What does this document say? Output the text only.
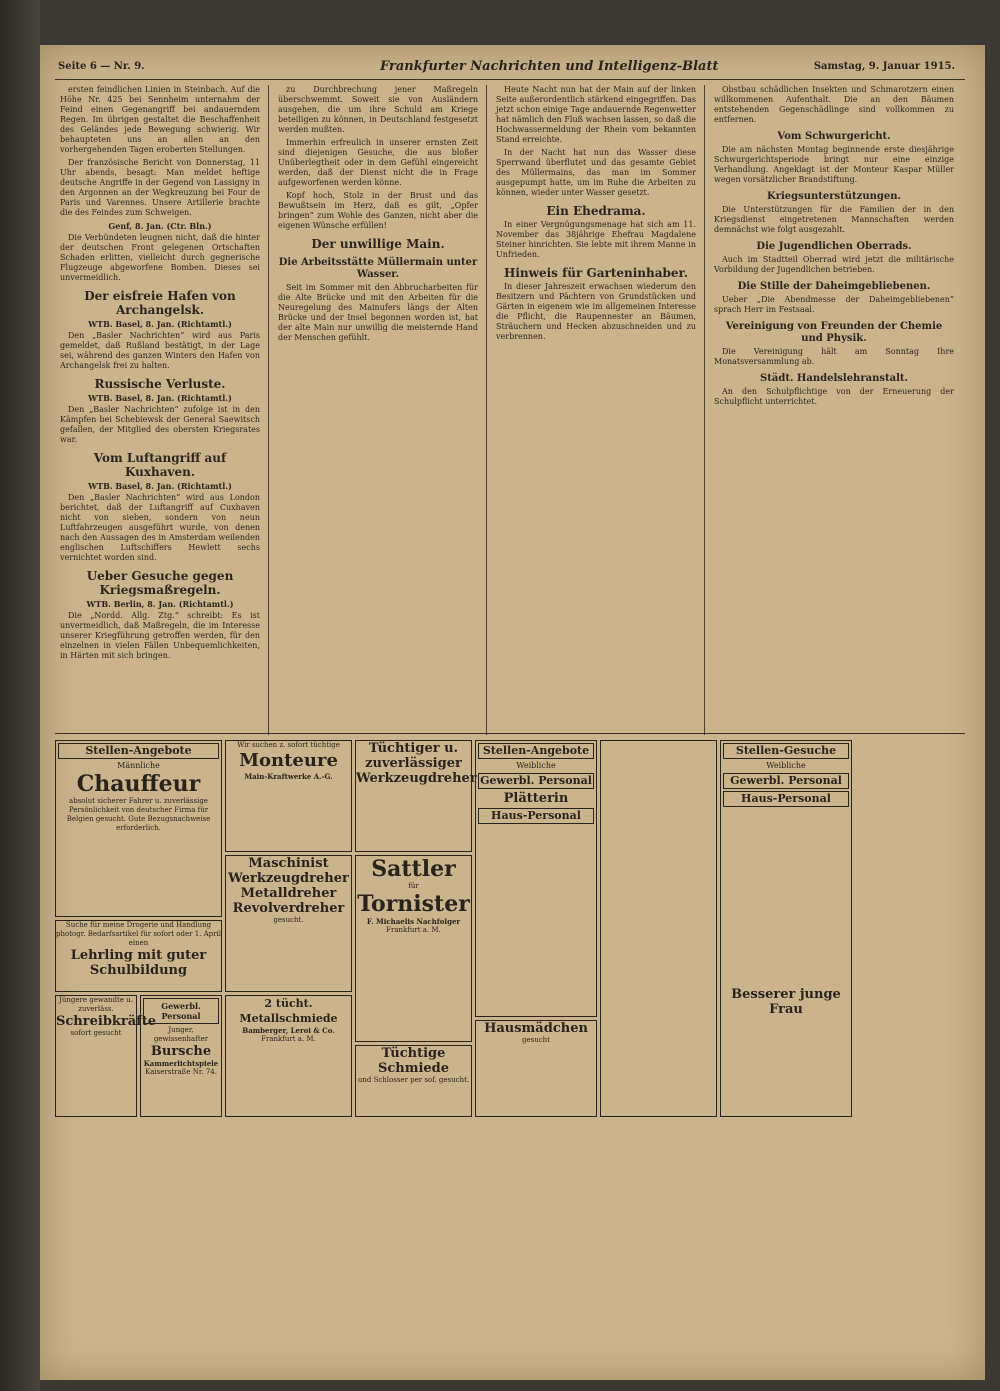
Seite 6 — Nr. 9.	Frankfurter Nachrichten und Intelligenz-Blatt	Samstag, 9. Januar 1915.

ersten feindlichen Linien in Steinbach. Auf die Höhe Nr. 425 bei Sennheim unternahm der Feind einen Gegenangriff bei andauerndem Regen. Im übrigen gestaltet die Beschaffenheit des Geländes jede Bewegung schwierig. Wir behaupteten uns an allen an den vorhergehenden Tagen eroberten Stellungen.

Der französische Bericht von Donnerstag, 11 Uhr abends, besagt: Man meldet heftige deutsche Angriffe in der Gegend von Lassigny in den Argonnen an der Wegkreuzung bei Four de Paris und Varennes. Unsere Artillerie brachte die des Feindes zum Schweigen.

Genf, 8. Jan. (Ctr. Bln.)

Die Verbündeten leugnen nicht, daß die hinter der deutschen Front gelegenen Ortschaften Schaden erlitten, vielleicht durch gegnerische Flugzeuge abgeworfene Bomben. Dieses sei unvermeidlich.

Der eisfreie Hafen von Archangelsk.
WTB. Basel, 8. Jan. (Richtamtl.)

Den „Basler Nachrichten“ wird aus Paris gemeldet, daß Rußland bestätigt, in der Lage sei, während des ganzen Winters den Hafen von Archangelsk frei zu halten.

Russische Verluste.
WTB. Basel, 8. Jan. (Richtamtl.)

Den „Basler Nachrichten“ zufolge ist in den Kämpfen bei Schebiewsk der General Saewitsch gefallen, der Mitglied des obersten Kriegsrates war.

Vom Luftangriff auf Kuxhaven.
WTB. Basel, 8. Jan. (Richtamtl.)

Den „Basler Nachrichten“ wird aus London berichtet, daß der Luftangriff auf Cuxhaven nicht von sieben, sondern von neun Luftfahrzeugen ausgeführt wurde, von denen nach den Aussagen des in Amsterdam weilenden englischen Luftschiffers Hewlett sechs vernichtet worden sind.

Ueber Gesuche gegen Kriegsmaßregeln.
WTB. Berlin, 8. Jan. (Richtamtl.)

Die „Nordd. Allg. Ztg.“ schreibt: Es ist unvermeidlich, daß Maßregeln, die im Interesse unserer Kriegführung getroffen werden, für den einzelnen in vielen Fällen Unbequemlichkeiten, in Härten mit sich bringen.

zu Durchbrechung jener Maßregeln überschwemmt. Soweit sie von Ausländern ausgehen, die um ihre Schuld am Kriege beteiligen zu können, in Deutschland festgesetzt werden mußten.

Immerhin erfreulich in unserer ernsten Zeit sind diejenigen Gesuche, die aus bloßer Unüberlegtheit oder in dem Gefühl eingereicht werden, daß der Dienst nicht die in Frage aufgeworfenen werden könne.

Kopf hoch, Stolz in der Brust und das Bewußtsein im Herz, daß es gilt, „Opfer bringen“ zum Wohle des Ganzen, nicht aber die eigenen Wünsche erfüllen!

Der unwillige Main.
Die Arbeitsstätte Müllermain unter Wasser.

Seit im Sommer mit den Abbrucharbeiten für die Alte Brücke und mit den Arbeiten für die Neuregelung des Mainufers längs der Alten Brücke und der Insel begonnen worden ist, hat der alte Main nur unwillig die meisternde Hand der Menschen gefühlt.

Heute Nacht nun hat der Main auf der linken Seite außerordentlich stärkend eingegriffen. Das jetzt schon einige Tage andauernde Regenwetter hat nämlich den Fluß wachsen lassen, so daß die Hochwassermeldung der Rhein vom bekannten Stand erreichte.

In der Nacht hat nun das Wasser diese Sperrwand überflutet und das gesamte Gebiet des Müllermains, das man im Sommer ausgepumpt hatte, um im Ruhe die Arbeiten zu können, wieder unter Wasser gesetzt.

Ein Ehedrama.

In einer Vergnügungsmenage hat sich am 11. November das 38jährige Ehefrau Magdalene Steiner hinrichten. Sie lebte mit ihrem Manne in Unfrieden.

Hinweis für Garteninhaber.

In dieser Jahreszeit erwachsen wiederum den Besitzern und Pächtern von Grundstücken und Gärten in eigenem wie im allgemeinen Interesse die Pflicht, die Raupennester an Bäumen, Sträuchern und Hecken abzuschneiden und zu verbrennen.

Obstbau schädlichen Insekten und Schmarotzern einen willkommenen Aufenthalt. Die an den Bäumen entstehenden Gegenschädlinge sind vollkommen zu entfernen.

Vom Schwurgericht.

Die am nächsten Montag beginnende erste diesjährige Schwurgerichtsperiode bringt nur eine einzige Verhandlung. Angeklagt ist der Monteur Kaspar Müller wegen vorsätzlicher Brandstiftung.

Kriegsunterstützungen.

Die Unterstützungen für die Familien der in den Kriegsdienst eingetretenen Mannschaften werden demnächst wie folgt ausgezahlt.

Die Jugendlichen Oberrads.

Auch im Stadtteil Oberrad wird jetzt die militärische Vorbildung der Jugendlichen betrieben.

Die Stille der Daheimgebliebenen.

Ueber „Die Abendmesse der Daheimgebliebenen“ sprach Herr im Festsaal.

Vereinigung von Freunden der Chemie und Physik.

Die Vereinigung hält am Sonntag Ihre Monatsversammlung ab.

Städt. Handelslehranstalt.

An den Schulpflichtige von der Erneuerung der Schulpflicht unterrichtet.

Stellen-Angebote
Männliche
Chauffeur
absolut sicherer Fahrer u. zuverlässige Persönlichkeit von deutscher Firma für Belgien gesucht. Gute Bezugsnachweise erforderlich.
Suche für meine Drogerie und Handlung photogr. Bedarfsartikel für sofort oder 1. April einen
Lehrling mit guter Schulbildung
Jüngere gewandte u. zuverläss.
Schreibkräfte
sofort gesucht
Gewerbl. Personal
Junger, gewissenhafter
Bursche
Kammerlichtspiele
Kaiserstraße Nr. 74.
Wir suchen z. sofort tüchtige
Monteure
Main-Kraftwerke A.-G.
Maschinist Werkzeugdreher Metalldreher Revolverdreher
gesucht.
2 tücht. Metallschmiede
Bamberger, Leroi & Co.
Frankfurt a. M.
Tüchtiger u. zuverlässiger Werkzeugdreher
Sattler
für
Tornister
F. Michaelis Nachfolger
Frankfurt a. M.
Tüchtige Schmiede
und Schlosser per sof. gesucht.
Stellen-Angebote
Weibliche
Gewerbl. Personal
Plätterin
Haus-Personal
Hausmädchen
gesucht
Stellen-Gesuche
Weibliche
Gewerbl. Personal
Haus-Personal
Besserer junge Frau
